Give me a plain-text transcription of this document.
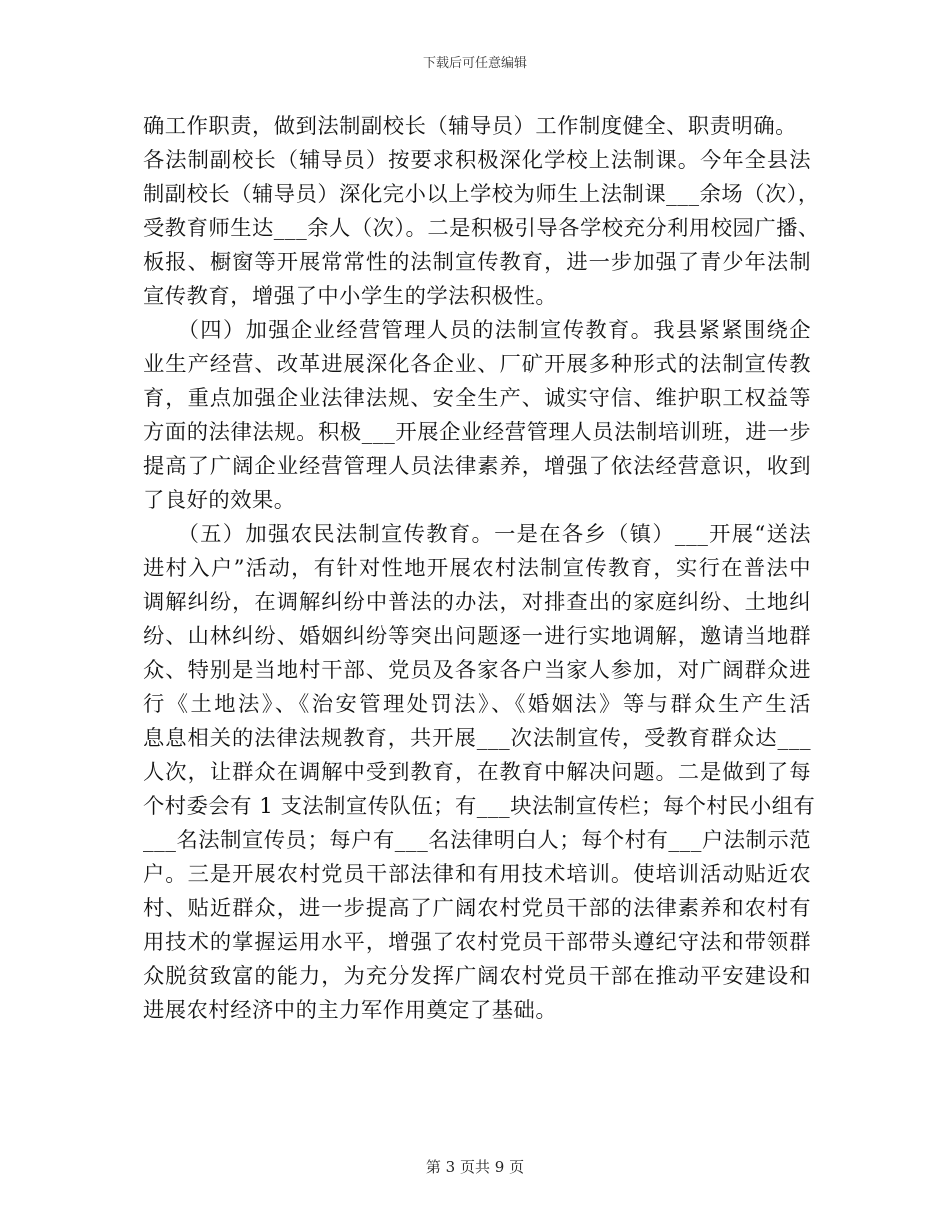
下载后可任意编辑
确工作职责，做到法制副校长（辅导员）工作制度健全、职责明确。
各法制副校长（辅导员）按要求积极深化学校上法制课。今年全县法
制副校长（辅导员）深化完小以上学校为师生上法制课___余场（次），
受教育师生达___余人（次）。二是积极引导各学校充分利用校园广播、
板报、橱窗等开展常常性的法制宣传教育，进一步加强了青少年法制
宣传教育，增强了中小学生的学法积极性。
　　（四）加强企业经营管理人员的法制宣传教育。我县紧紧围绕企
业生产经营、改革进展深化各企业、厂矿开展多种形式的法制宣传教
育，重点加强企业法律法规、安全生产、诚实守信、维护职工权益等
方面的法律法规。积极___开展企业经营管理人员法制培训班，进一步
提高了广阔企业经营管理人员法律素养，增强了依法经营意识，收到
了良好的效果。
　　（五）加强农民法制宣传教育。一是在各乡（镇）___开展“送法
进村入户”活动，有针对性地开展农村法制宣传教育，实行在普法中
调解纠纷，在调解纠纷中普法的办法，对排查出的家庭纠纷、土地纠
纷、山林纠纷、婚姻纠纷等突出问题逐一进行实地调解，邀请当地群
众、特别是当地村干部、党员及各家各户当家人参加，对广阔群众进
行《土地法》、《治安管理处罚法》、《婚姻法》等与群众生产生活
息息相关的法律法规教育，共开展___次法制宣传，受教育群众达___
人次，让群众在调解中受到教育，在教育中解决问题。二是做到了每
个村委会有 1 支法制宣传队伍；有___块法制宣传栏；每个村民小组有
___名法制宣传员；每户有___名法律明白人；每个村有___户法制示范
户。三是开展农村党员干部法律和有用技术培训。使培训活动贴近农
村、贴近群众，进一步提高了广阔农村党员干部的法律素养和农村有
用技术的掌握运用水平，增强了农村党员干部带头遵纪守法和带领群
众脱贫致富的能力，为充分发挥广阔农村党员干部在推动平安建设和
进展农村经济中的主力军作用奠定了基础。
第 3 页共 9 页
